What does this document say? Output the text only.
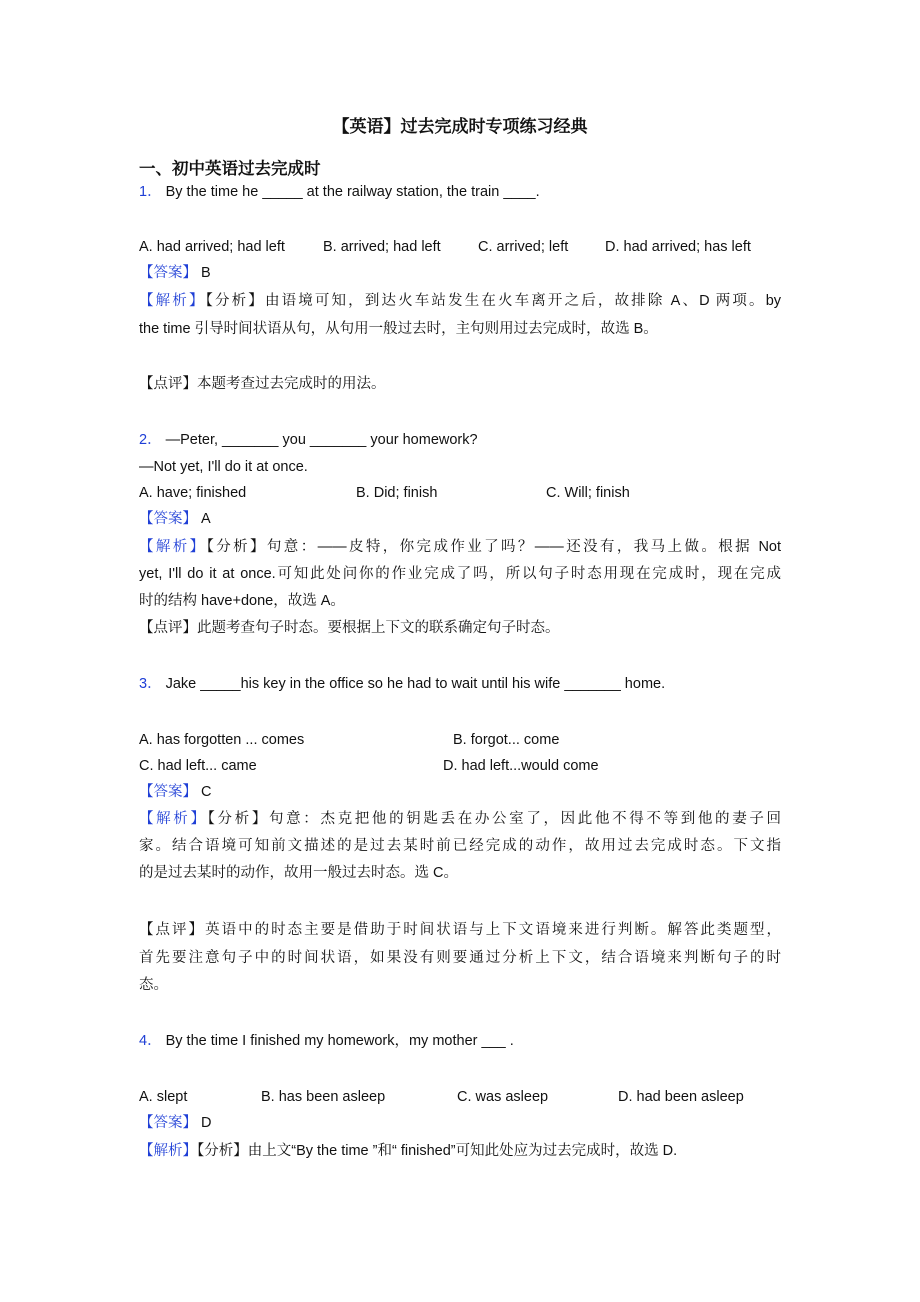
【英语】过去完成时专项练习经典
一、初中英语过去完成时
1． By the time he _____ at the railway station, the train ____.
A. had arrived; had left	B. arrived; had left	C. arrived; left	D. had arrived; has left
【答案】 B
【解析】【分析】由语境可知，到达火车站发生在火车离开之后，故排除 A、D 两项。by
the time 引导时间状语从句，从句用一般过去时，主句则用过去完成时，故选 B。
【点评】本题考查过去完成时的用法。
2． —Peter, _______ you _______ your homework?
—Not yet, I'll do it at once.
A. have; finished	B. Did; finish	C. Will; finish
【答案】 A
【解析】【分析】句意：——皮特，你完成作业了吗？——还没有，我马上做。根据 Not
yet, I'll do it at once.可知此处问你的作业完成了吗，所以句子时态用现在完成时，现在完成
时的结构 have+done，故选 A。
【点评】此题考查句子时态。要根据上下文的联系确定句子时态。
3． Jake _____his key in the office so he had to wait until his wife _______ home.
A. has forgotten ... comes	B. forgot... come
C. had left... came	D. had left...would come
【答案】 C
【解析】【分析】句意：杰克把他的钥匙丢在办公室了，因此他不得不等到他的妻子回
家。结合语境可知前文描述的是过去某时前已经完成的动作，故用过去完成时态。下文指
的是过去某时的动作，故用一般过去时态。选 C。
【点评】英语中的时态主要是借助于时间状语与上下文语境来进行判断。解答此类题型，
首先要注意句子中的时间状语，如果没有则要通过分析上下文，结合语境来判断句子的时
态。
4． By the time I finished my homework，my mother ___ .
A. slept	B. has been asleep	C. was asleep	D. had been asleep
【答案】 D
【解析】【分析】由上文“By the time ”和“ finished”可知此处应为过去完成时，故选 D.
